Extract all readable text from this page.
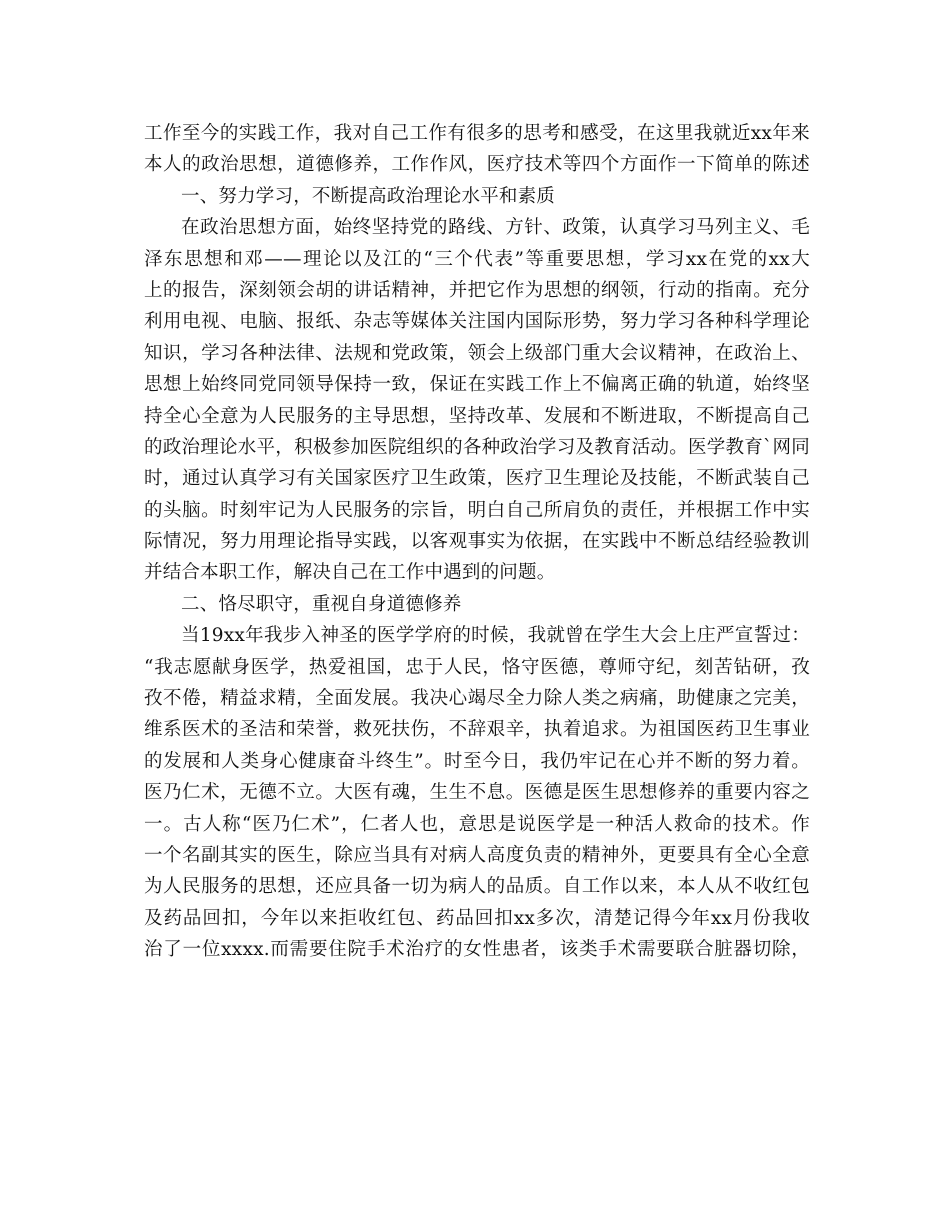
工作至今的实践工作，我对自己工作有很多的思考和感受，在这里我就近xx年来
本人的政治思想，道德修养，工作作风，医疗技术等四个方面作一下简单的陈述
一、努力学习，不断提高政治理论水平和素质
在政治思想方面，始终坚持党的路线、方针、政策，认真学习马列主义、毛
泽东思想和邓——理论以及江的“三个代表”等重要思想，学习xx在党的xx大
上的报告，深刻领会胡的讲话精神，并把它作为思想的纲领，行动的指南。充分
利用电视、电脑、报纸、杂志等媒体关注国内国际形势，努力学习各种科学理论
知识，学习各种法律、法规和党政策，领会上级部门重大会议精神，在政治上、
思想上始终同党同领导保持一致，保证在实践工作上不偏离正确的轨道，始终坚
持全心全意为人民服务的主导思想，坚持改革、发展和不断进取，不断提高自己
的政治理论水平，积极参加医院组织的各种政治学习及教育活动。医学教育`网同
时，通过认真学习有关国家医疗卫生政策，医疗卫生理论及技能，不断武装自己
的头脑。时刻牢记为人民服务的宗旨，明白自己所肩负的责任，并根据工作中实
际情况，努力用理论指导实践，以客观事实为依据，在实践中不断总结经验教训
并结合本职工作，解决自己在工作中遇到的问题。
二、恪尽职守，重视自身道德修养
当19xx年我步入神圣的医学学府的时候，我就曾在学生大会上庄严宣誓过：
“我志愿献身医学，热爱祖国，忠于人民，恪守医德，尊师守纪，刻苦钻研，孜
孜不倦，精益求精，全面发展。我决心竭尽全力除人类之病痛，助健康之完美，
维系医术的圣洁和荣誉，救死扶伤，不辞艰辛，执着追求。为祖国医药卫生事业
的发展和人类身心健康奋斗终生”。时至今日，我仍牢记在心并不断的努力着。
医乃仁术，无德不立。大医有魂，生生不息。医德是医生思想修养的重要内容之
一。古人称“医乃仁术”，仁者人也，意思是说医学是一种活人救命的技术。作
一个名副其实的医生，除应当具有对病人高度负责的精神外，更要具有全心全意
为人民服务的思想，还应具备一切为病人的品质。自工作以来，本人从不收红包
及药品回扣，今年以来拒收红包、药品回扣xx多次，清楚记得今年xx月份我收
治了一位xxxx.而需要住院手术治疗的女性患者，该类手术需要联合脏器切除，
